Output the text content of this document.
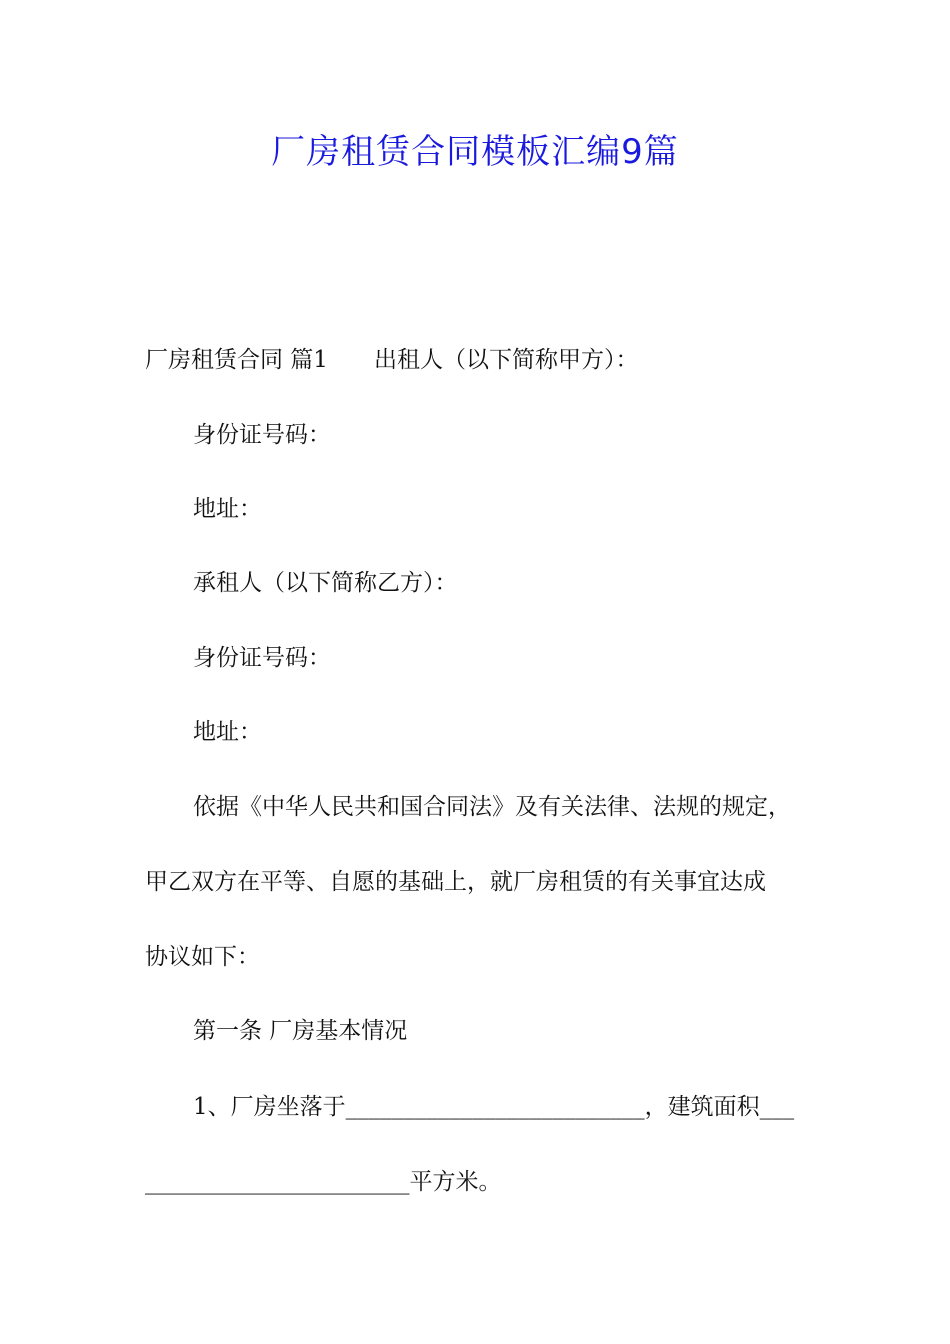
厂房租赁合同模板汇编9篇

厂房租赁合同 篇1 出租人（以下简称甲方）：

身份证号码：

地址：

承租人（以下简称乙方）：

身份证号码：

地址：

依据《中华人民共和国合同法》及有关法律、法规的规定，

甲乙双方在平等、自愿的基础上，就厂房租赁的有关事宜达成

协议如下：

第一条 厂房基本情况

1、厂房坐落于__________________________，建筑面积___

_______________________平方米。
